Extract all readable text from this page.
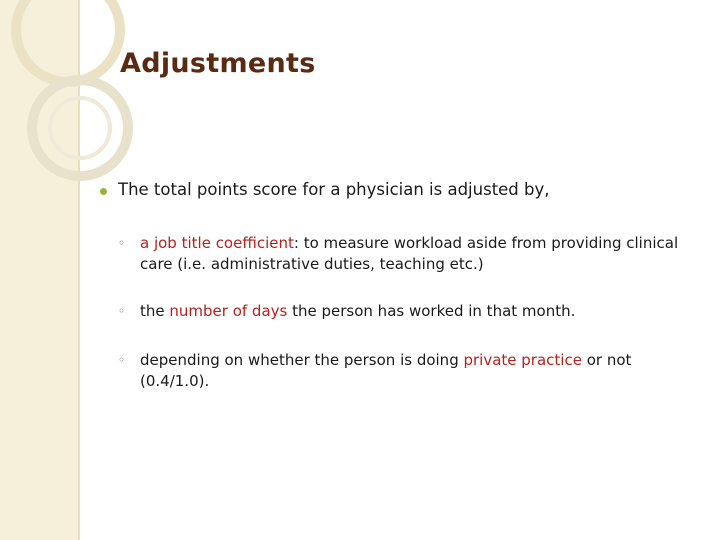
Adjustments
The total points score for a physician is adjusted by,
◦ a job title coefficient: to measure workload aside from providing clinical care (i.e. administrative duties, teaching etc.)
◦ the number of days the person has worked in that month.
◦ depending on whether the person is doing private practice or not (0.4/1.0).
